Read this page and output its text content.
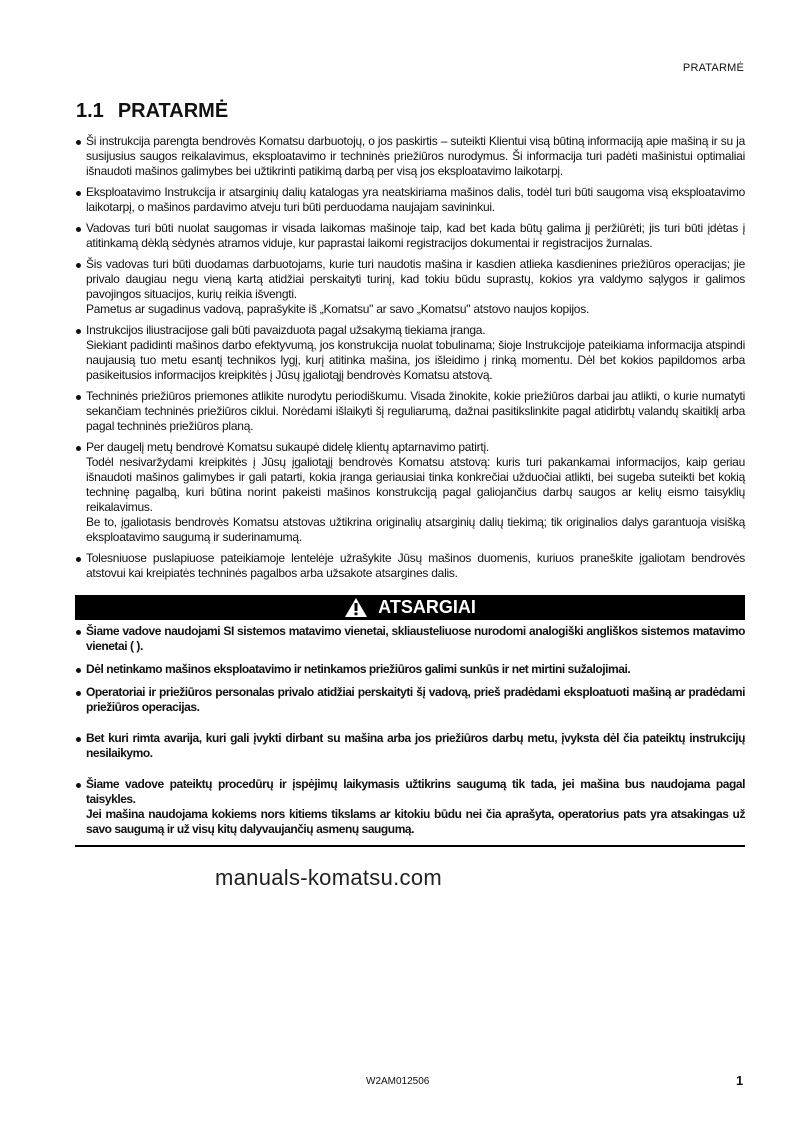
PRATARMĖ
1.1 PRATARMĖ

Ši instrukcija parengta bendrovės Komatsu darbuotojų, o jos paskirtis – suteikti Klientui visą būtiną informaciją apie mašiną ir su ja susijusius saugos reikalavimus, eksploatavimo ir techninės priežiūros nurodymus. Ši informacija turi padėti mašinistui optimaliai išnaudoti mašinos galimybes bei užtikrinti patikimą darbą per visą jos eksploatavimo laikotarpį.

Eksploatavimo Instrukcija ir atsarginių dalių katalogas yra neatskiriama mašinos dalis, todėl turi būti saugoma visą eksploatavimo laikotarpį, o mašinos pardavimo atveju turi būti perduodama naujajam savininkui.

Vadovas turi būti nuolat saugomas ir visada laikomas mašinoje taip, kad bet kada būtų galima jį peržiūrėti; jis turi būti įdėtas į atitinkamą dėklą sėdynės atramos viduje, kur paprastai laikomi registracijos dokumentai ir registracijos žurnalas.

Šis vadovas turi būti duodamas darbuotojams, kurie turi naudotis mašina ir kasdien atlieka kasdienines priežiūros operacijas; jie privalo daugiau negu vieną kartą atidžiai perskaityti turinį, kad tokiu būdu suprastų, kokios yra valdymo sąlygos ir galimos pavojingos situacijos, kurių reikia išvengti.

Pametus ar sugadinus vadovą, paprašykite iš „Komatsu" ar savo „Komatsu" atstovo naujos kopijos.

Instrukcijos iliustracijose gali būti pavaizduota pagal užsakymą tiekiama įranga.

Siekiant padidinti mašinos darbo efektyvumą, jos konstrukcija nuolat tobulinama; šioje Instrukcijoje pateikiama informacija atspindi naujausią tuo metu esantį technikos lygį, kurį atitinka mašina, jos išleidimo į rinką momentu. Dėl bet kokios papildomos arba pasikeitusios informacijos kreipkitės į Jūsų įgaliotąjį bendrovės Komatsu atstovą.

Techninės priežiūros priemones atlikite nurodytu periodiškumu. Visada žinokite, kokie priežiūros darbai jau atlikti, o kurie numatyti sekančiam techninės priežiūros ciklui. Norėdami išlaikyti šį reguliarumą, dažnai pasitikslinkite pagal atidirbtų valandų skaitiklį arba pagal techninės priežiūros planą.

Per daugelį metų bendrovė Komatsu sukaupė didelę klientų aptarnavimo patirtį.

Todėl nesivaržydami kreipkitės į Jūsų įgaliotąjį bendrovės Komatsu atstovą: kuris turi pakankamai informacijos, kaip geriau išnaudoti mašinos galimybes ir gali patarti, kokia įranga geriausiai tinka konkrečiai užduočiai atlikti, bei sugeba suteikti bet kokią techninę pagalbą, kuri būtina norint pakeisti mašinos konstrukciją pagal galiojančius darbų saugos ar kelių eismo taisyklių reikalavimus.

Be to, įgaliotasis bendrovės Komatsu atstovas užtikrina originalių atsarginių dalių tiekimą; tik originalios dalys garantuoja visišką eksploatavimo saugumą ir suderinamumą.

Tolesniuose puslapiuose pateikiamoje lentelėje užrašykite Jūsų mašinos duomenis, kuriuos praneškite įgaliotam bendrovės atstovui kai kreipiatės techninės pagalbos arba užsakote atsargines dalis.

ATSARGIAI

Šiame vadove naudojami SI sistemos matavimo vienetai, skliausteliuose nurodomi analogiški angliškos sistemos matavimo vienetai ( ).

Dėl netinkamo mašinos eksploatavimo ir netinkamos priežiūros galimi sunkūs ir net mirtini sužalojimai.

Operatoriai ir priežiūros personalas privalo atidžiai perskaityti šį vadovą, prieš pradėdami eksploatuoti mašiną ar pradėdami priežiūros operacijas.

Bet kuri rimta avarija, kuri gali įvykti dirbant su mašina arba jos priežiūros darbų metu, įvyksta dėl čia pateiktų instrukcijų nesilaikymo.

Šiame vadove pateiktų procedūrų ir įspėjimų laikymasis užtikrins saugumą tik tada, jei mašina bus naudojama pagal taisykles.

Jei mašina naudojama kokiems nors kitiems tikslams ar kitokiu būdu nei čia aprašyta, operatorius pats yra atsakingas už savo saugumą ir už visų kitų dalyvaujančių asmenų saugumą.

manuals-komatsu.com
W2AM012506	1
